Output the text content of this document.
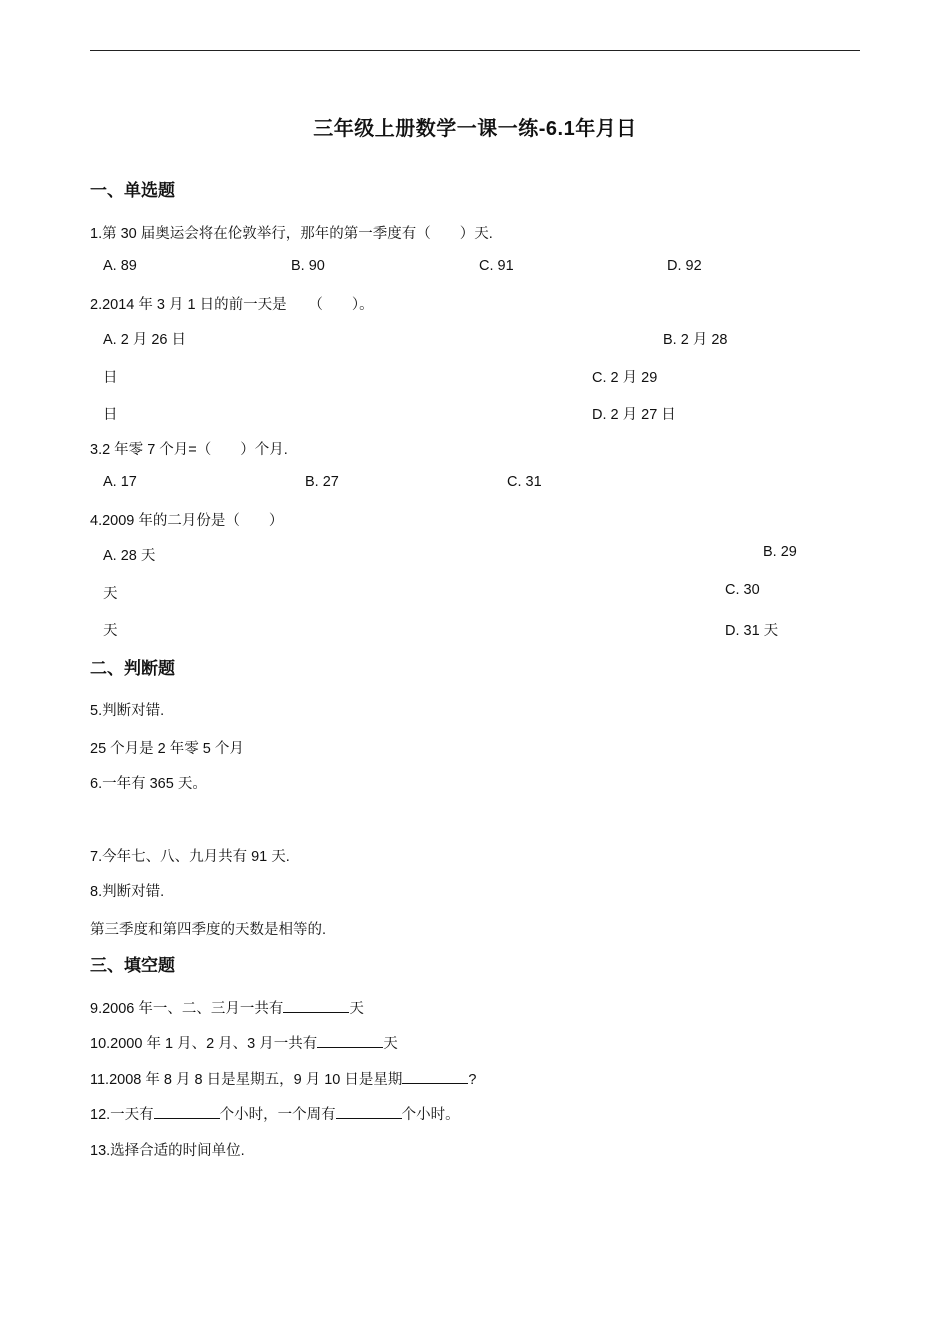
三年级上册数学一课一练-6.1年月日
一、单选题
1.第 30 届奥运会将在伦敦举行，那年的第一季度有（　　）天.
A. 89	B. 90	C. 91	D. 92
2.2014 年 3 月 1 日的前一天是　　（　　）。
A. 2 月 26 日	B. 2 月 28
日	C. 2 月 29
日	D. 2 月 27 日
3.2 年零 7 个月=（　　）个月.
A. 17	B. 27	C. 31
4.2009 年的二月份是（　　）
A. 28 天	B. 29
天	C. 30
天	D. 31 天
二、判断题
5.判断对错.
25 个月是 2 年零 5 个月
6.一年有 365 天。
7.今年七、八、九月共有 91 天.
8.判断对错.
第三季度和第四季度的天数是相等的.
三、填空题
9.2006 年一、二、三月一共有	天
10.2000 年 1 月、2 月、3 月一共有	天
11.2008 年 8 月 8 日是星期五，9 月 10 日是星期	?
12.一天有	个小时，一个周有	个小时。
13.选择合适的时间单位.
